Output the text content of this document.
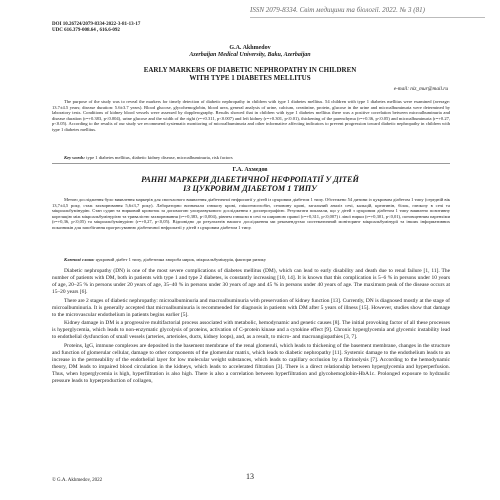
ISSN 2079-8334. Світ медицини та біології. 2022. № 3 (81)
DOI 10.26724/2079-8334-2022-3-81-13-17
UDC 616.379-008.64 , 616.6-092
G.A. Akhmedov
Azerbaijan Medical University, Baku, Azerbaijan
EARLY MARKERS OF DIABETIC NEPHROPATHY IN CHILDREN
WITH TYPE 1 DIABETES MELLITUS
e-mail: niz_mur@mail.ru
The purpose of the study was to reveal the markers for timely detection of diabetic nephropathy in children with type 1 diabetes mellitus. 54 children with type 1 diabetes mellitus were examined (average: 13.7±4.5 years; disease duration: 5.6±3.7 years). Blood glucose, glycohemoglobin, blood urea, general analysis of urine, calcium, creatinine, protein, glucose in the urine and microalbuminuria were determined by laboratory tests. Conditions of kidney blood vessels were assessed by dopplerography. Results showed that in children with type 1 diabetes mellitus there was a positive correlation between microalbuminuria and disease duration (r=+0.383, p<0.004), urine glucose and the width of the right (r=+0.311, p<0.007) and left kidney (r=+0.301, p<0.01), thickening of the parenchyma (r=+0.36, p<0.05) and microalbuminuria (r=+0.27, p<0.05). According to the results of our study we recommend systematic monitoring of microalbuminuria and other informative affecting indicators to prevent progression toward diabetic nephropathy in children with type 1 diabetes mellitus.
Key words: type 1 diabetes mellitus, diabetic kidney disease, microalbuminuria, risk factors
Г.А. Ахмедов
РАННІ МАРКЕРИ ДІАБЕТИЧНОЇ НЕФРОПАТІЇ У ДІТЕЙ
ІЗ ЦУКРОВИМ ДІАБЕТОМ 1 ТИПУ
Метою дослідження було виявлення маркерів для своєчасного виявлення діабетичної нефропатії у дітей із цукровим діабетом 1 типу. Обстежено 54 дитини із цукровим діабетом 1 типу (середній вік 13,7±4,5 року, стаж захворювання 5,6±3,7 року). Лабораторно визначали глюкозу крові, глікогемоглобін, сечовину крові, загальний аналіз сечі, кальцій, креатинін, білок, глюкозу в сечі та мікроальбумінурію. Стан судин та нирковий кровоток за допомогою ультразвукового дослідження з доплерографією. Результати показали, що у дітей з цукровим діабетом 1 типу виявлено позитивну кореляцію між мікроальбумінурією та тривалістю захворювання (r=+0,383, p<0,004), рівнем глюкози в сечі та шириною правої (r=+0,311, p<0,007) і лівої нирки (r=+0,301, p<0,01), потовщенням паренхіми (r=+0,36, p<0,05) та мікроальбумінурією (r=+0,27, p<0,05). Відповідно до результатів нашого дослідження ми рекомендуємо систематичний моніторинг мікроальбумінурії та інших інформативних показників для запобігання прогресуванню діабетичної нефропатії у дітей з цукровим діабетом 1 типу.
Ключові слова: цукровий діабет 1 типу, діабетична хвороба нирок, мікроальбумінурія, фактори ризику

Diabetic nephropathy (DN) is one of the most severe complications of diabetes mellitus (DM), which can lead to early disability and death due to renal failure [1, 11]. The number of patients with DM, both in patients with type 1 and type 2 diabetes, is constantly increasing [10, 14]. It is known that this complication is 5–6 % in persons under 10 years of age, 20–25 % in persons under 20 years of age, 35–40 % in persons under 30 years of age and 45 % in persons under 40 years of age. The maximum peak of the disease occurs at 15–20 years [6].

There are 2 stages of diabetic nephropathy: microalbuminuria and macroalbuminuria with preservation of kidney function [13]. Currently, DN is diagnosed mostly at the stage of microalbuminuria. It is generally accepted that microalbuminuria is recommended for diagnosis in patients with DM after 5 years of illness [15]. However, studies show that damage to the microvascular endothelium in patients begins earlier [5].

Kidney damage in DM is a progressive multifactorial process associated with metabolic, hemodynamic and genetic causes [8]. The initial provoking factor of all these processes is hyperglycemia, which leads to non-enzymatic glycolysis of proteins, activation of C-protein kinase and a cytokine effect [9]. Chronic hyperglycemia and glycemic instability lead to endothelial dysfunction of small vessels (arteries, arterioles, ducts, kidney loops), and, as a result, to micro- and macroangiopathies [3, 7].

Proteins, IgG, immune complexes are deposited in the basement membrane of the renal glomeruli, which leads to thickening of the basement membrane, changes in the structure and function of glomerular cellular, damage to other components of the glomerular matrix, which leads to diabetic nephropathy [11]. Systemic damage to the endothelium leads to an increase in the permeability of the endothelial layer for low molecular weight substances, which leads to capillary occlusion by a fibrinolysis [7]. According to the hemodynamic theory, DM leads to impaired blood circulation in the kidneys, which leads to accelerated filtration [3]. There is a direct relationship between hyperglycemia and hyperperfusion. Thus, when hyperglycemia is high, hyperfiltration is also high. There is also a correlation between hyperfiltration and glycohemoglobin-HbA1c. Prolonged exposure to hydraulic pressure leads to hyperproduction of collagen,

© G.A. Akhmedov, 2022	13
